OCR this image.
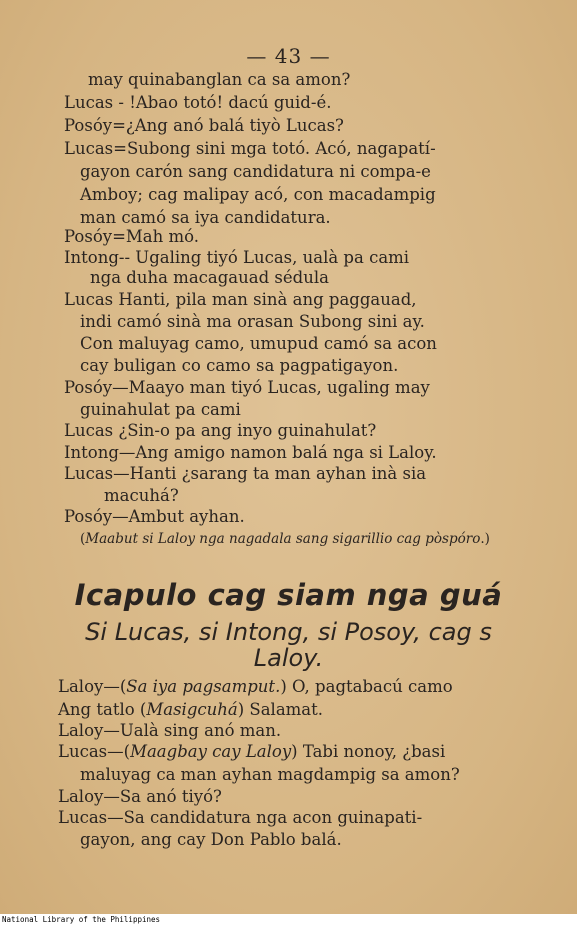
— 43 —
may quinabanglan ca sa amon?
Lucas - !Abao totó! dacú guid-é.
Posóy=¿Ang anó balá tiyò Lucas?
Lucas=Subong sini mga totó. Acó, nagapatí-
gayon carón sang candidatura ni compa-e
Amboy; cag malipay acó, con macadampig
man camó sa iya candidatura.
Posóy=Mah mó.
Intong-- Ugaling tiyó Lucas, ualà pa cami
nga duha macagauad sédula
Lucas Hanti, pila man sinà ang paggauad,
indi camó sinà ma orasan Subong sini ay.
Con maluyag camo, umupud camó sa acon
cay buligan co camo sa pagpatigayon.
Posóy—Maayo man tiyó Lucas, ugaling may
guinahulat pa cami
Lucas ¿Sin-o pa ang inyo guinahulat?
Intong—Ang amigo namon balá nga si Laloy.
Lucas—Hanti ¿sarang ta man ayhan inà sia
macuhá?
Posóy—Ambut ayhan.
(Maabut si Laloy nga nagadala sang sigarillio cag pòspóro.)
Icapulo cag siam nga guá
Si Lucas, si Intong, si Posoy, cag s
Laloy.
Laloy—(Sa iya pagsamput.) O, pagtabacú camo
Ang tatlo (Masigcuhá) Salamat.
Laloy—Ualà sing anó man.
Lucas—(Maagbay cay Laloy) Tabi nonoy, ¿basi
maluyag ca man ayhan magdampig sa amon?
Laloy—Sa anó tiyó?
Lucas—Sa candidatura nga acon guinapati-
gayon, ang cay Don Pablo balá.
National Library of the Philippines
